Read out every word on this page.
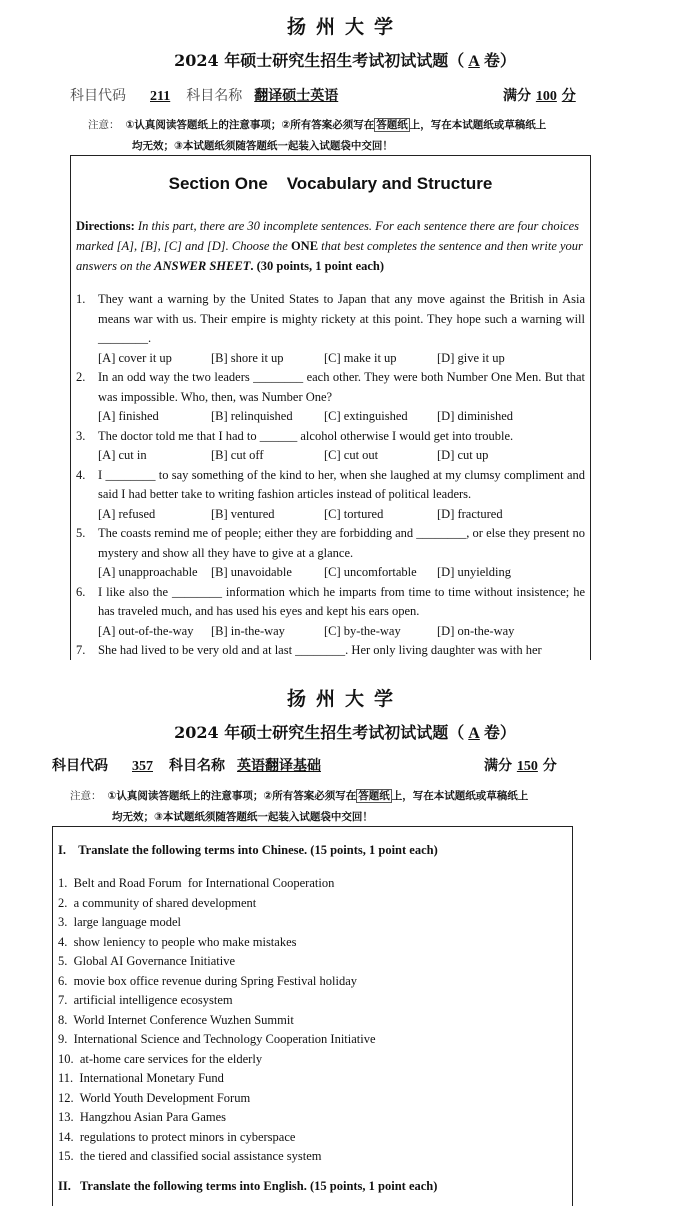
扬州大学
2024 年硕士研究生招生考试初试试题（ A 卷）
科目代码 211 科目名称 翻译硕士英语	满分 100 分
注意： ①认真阅读答题纸上的注意事项；②所有答案必须写在 答题纸 上，写在本试题纸或草稿纸上
均无效；③本试题纸须随答题纸一起装入试题袋中交回！
Section One    Vocabulary and Structure
Directions: In this part, there are 30 incomplete sentences. For each sentence there are four choices marked [A], [B], [C] and [D]. Choose the ONE that best completes the sentence and then write your answers on the ANSWER SHEET. (30 points, 1 point each)
1. They want a warning by the United States to Japan that any move against the British in Asia means war with us. Their empire is mighty rickety at this point. They hope such a warning will ________.
[A] cover it up	[B] shore it up	[C] make it up	[D] give it up
2. In an odd way the two leaders ________ each other. They were both Number One Men. But that was impossible. Who, then, was Number One?
[A] finished	[B] relinquished	[C] extinguished	[D] diminished
3. The doctor told me that I had to ______ alcohol otherwise I would get into trouble.
[A] cut in	[B] cut off	[C] cut out	[D] cut up
4. I ________ to say something of the kind to her, when she laughed at my clumsy compliment and said I had better take to writing fashion articles instead of political leaders.
[A] refused	[B] ventured	[C] tortured	[D] fractured
5. The coasts remind me of people; either they are forbidding and ________, or else they present no mystery and show all they have to give at a glance.
[A] unapproachable	[B] unavoidable	[C] uncomfortable	[D] unyielding
6. I like also the ________ information which he imparts from time to time without insistence; he has traveled much, and has used his eyes and kept his ears open.
[A] out-of-the-way	[B] in-the-way	[C] by-the-way	[D] on-the-way
7. She had lived to be very old and at last ________. Her only living daughter was with her
扬州大学
2024 年硕士研究生招生考试初试试题（ A 卷）
科目代码 357 科目名称 英语翻译基础	满分 150 分
注意： ①认真阅读答题纸上的注意事项；②所有答案必须写在 答题纸 上，写在本试题纸或草稿纸上
均无效；③本试题纸须随答题纸一起装入试题袋中交回！
I.    Translate the following terms into Chinese. (15 points, 1 point each)
1.  Belt and Road Forum  for International Cooperation
2.  a community of shared development
3.  large language model
4.  show leniency to people who make mistakes
5.  Global AI Governance Initiative
6.  movie box office revenue during Spring Festival holiday
7.  artificial intelligence ecosystem
8.  World Internet Conference Wuzhen Summit
9.  International Science and Technology Cooperation Initiative
10.  at-home care services for the elderly
11.  International Monetary Fund
12.  World Youth Development Forum
13.  Hangzhou Asian Para Games
14.  regulations to protect minors in cyberspace
15.  the tiered and classified social assistance system
II.   Translate the following terms into English. (15 points, 1 point each)
